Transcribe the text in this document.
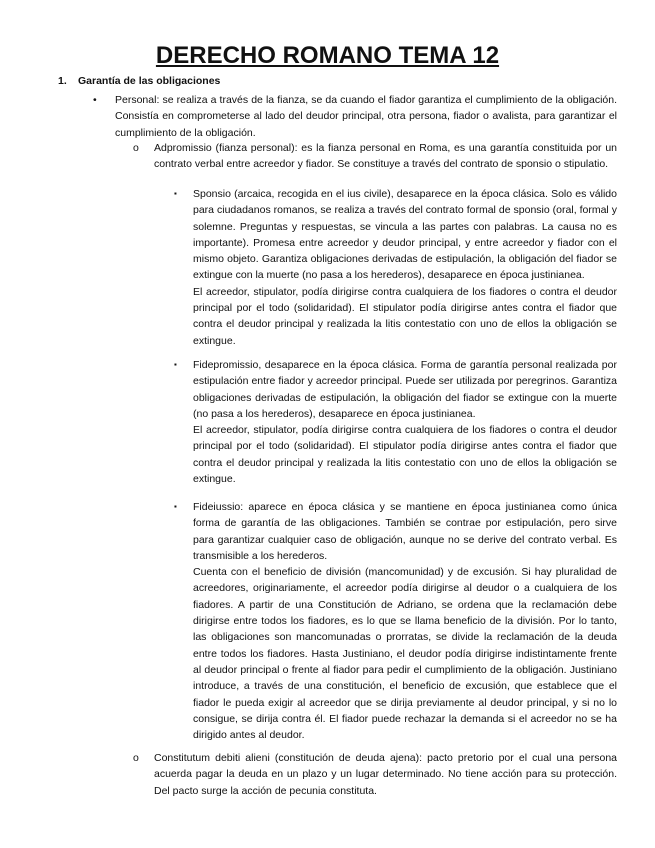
DERECHO ROMANO TEMA 12
1. Garantía de las obligaciones
• Personal: se realiza a través de la fianza, se da cuando el fiador garantiza el cumplimiento de la obligación. Consistía en comprometerse al lado del deudor principal, otra persona, fiador o avalista, para garantizar el cumplimiento de la obligación.
o Adpromissio (fianza personal): es la fianza personal en Roma, es una garantía constituida por un contrato verbal entre acreedor y fiador. Se constituye a través del contrato de sponsio o stipulatio.
▪ Sponsio (arcaica, recogida en el ius civile), desaparece en la época clásica. Solo es válido para ciudadanos romanos, se realiza a través del contrato formal de sponsio (oral, formal y solemne. Preguntas y respuestas, se vincula a las partes con palabras. La causa no es importante). Promesa entre acreedor y deudor principal, y entre acreedor y fiador con el mismo objeto. Garantiza obligaciones derivadas de estipulación, la obligación del fiador se extingue con la muerte (no pasa a los herederos), desaparece en época justinianea.
El acreedor, stipulator, podía dirigirse contra cualquiera de los fiadores o contra el deudor principal por el todo (solidaridad). El stipulator podía dirigirse antes contra el fiador que contra el deudor principal y realizada la litis contestatio con uno de ellos la obligación se extingue.
▪ Fidepromissio, desaparece en la época clásica. Forma de garantía personal realizada por estipulación entre fiador y acreedor principal. Puede ser utilizada por peregrinos. Garantiza obligaciones derivadas de estipulación, la obligación del fiador se extingue con la muerte (no pasa a los herederos), desaparece en época justinianea.
El acreedor, stipulator, podía dirigirse contra cualquiera de los fiadores o contra el deudor principal por el todo (solidaridad). El stipulator podía dirigirse antes contra el fiador que contra el deudor principal y realizada la litis contestatio con uno de ellos la obligación se extingue.
▪ Fideiussio: aparece en época clásica y se mantiene en época justinianea como única forma de garantía de las obligaciones. También se contrae por estipulación, pero sirve para garantizar cualquier caso de obligación, aunque no se derive del contrato verbal. Es transmisible a los herederos.
Cuenta con el beneficio de división (mancomunidad) y de excusión. Si hay pluralidad de acreedores, originariamente, el acreedor podía dirigirse al deudor o a cualquiera de los fiadores. A partir de una Constitución de Adriano, se ordena que la reclamación debe dirigirse entre todos los fiadores, es lo que se llama beneficio de la división. Por lo tanto, las obligaciones son mancomunadas o prorratas, se divide la reclamación de la deuda entre todos los fiadores. Hasta Justiniano, el deudor podía dirigirse indistintamente frente al deudor principal o frente al fiador para pedir el cumplimiento de la obligación. Justiniano introduce, a través de una constitución, el beneficio de excusión, que establece que el fiador le pueda exigir al acreedor que se dirija previamente al deudor principal, y si no lo consigue, se dirija contra él. El fiador puede rechazar la demanda si el acreedor no se ha dirigido antes al deudor.
o Constitutum debiti alieni (constitución de deuda ajena): pacto pretorio por el cual una persona acuerda pagar la deuda en un plazo y un lugar determinado. No tiene acción para su protección. Del pacto surge la acción de pecunia constituta.
